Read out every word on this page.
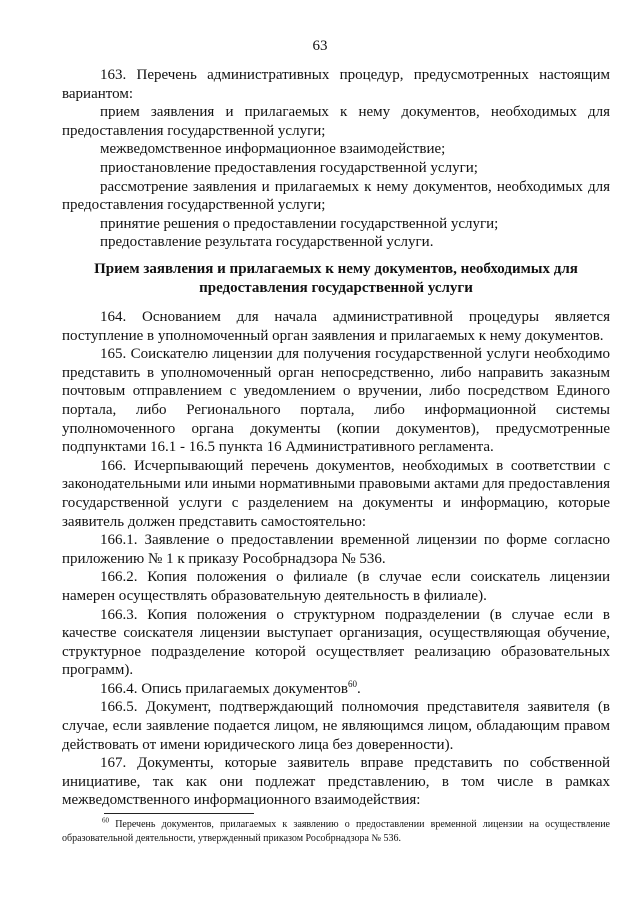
63

163. Перечень административных процедур, предусмотренных настоящим вариантом:

прием заявления и прилагаемых к нему документов, необходимых для предоставления государственной услуги;

межведомственное информационное взаимодействие;

приостановление предоставления государственной услуги;

рассмотрение заявления и прилагаемых к нему документов, необходимых для предоставления государственной услуги;

принятие решения о предоставлении государственной услуги;

предоставление результата государственной услуги.

Прием заявления и прилагаемых к нему документов, необходимых для предоставления государственной услуги

164. Основанием для начала административной процедуры является поступление в уполномоченный орган заявления и прилагаемых к нему документов.

165. Соискателю лицензии для получения государственной услуги необходимо представить в уполномоченный орган непосредственно, либо направить заказным почтовым отправлением с уведомлением о вручении, либо посредством Единого портала, либо Регионального портала, либо информационной системы уполномоченного органа документы (копии документов), предусмотренные подпунктами 16.1 - 16.5 пункта 16 Административного регламента.

166. Исчерпывающий перечень документов, необходимых в соответствии с законодательными или иными нормативными правовыми актами для предоставления государственной услуги с разделением на документы и информацию, которые заявитель должен представить самостоятельно:

166.1. Заявление о предоставлении временной лицензии по форме согласно приложению № 1 к приказу Рособрнадзора № 536.

166.2. Копия положения о филиале (в случае если соискатель лицензии намерен осуществлять образовательную деятельность в филиале).

166.3. Копия положения о структурном подразделении (в случае если в качестве соискателя лицензии выступает организация, осуществляющая обучение, структурное подразделение которой осуществляет реализацию образовательных программ).

166.4. Опись прилагаемых документов$^{60}$.

166.5. Документ, подтверждающий полномочия представителя заявителя (в случае, если заявление подается лицом, не являющимся лицом, обладающим правом действовать от имени юридического лица без доверенности).

167. Документы, которые заявитель вправе представить по собственной инициативе, так как они подлежат представлению, в том числе в рамках межведомственного информационного взаимодействия:

$^{60}$ Перечень документов, прилагаемых к заявлению о предоставлении временной лицензии на осуществление образовательной деятельности, утвержденный приказом Рособрнадзора № 536.
